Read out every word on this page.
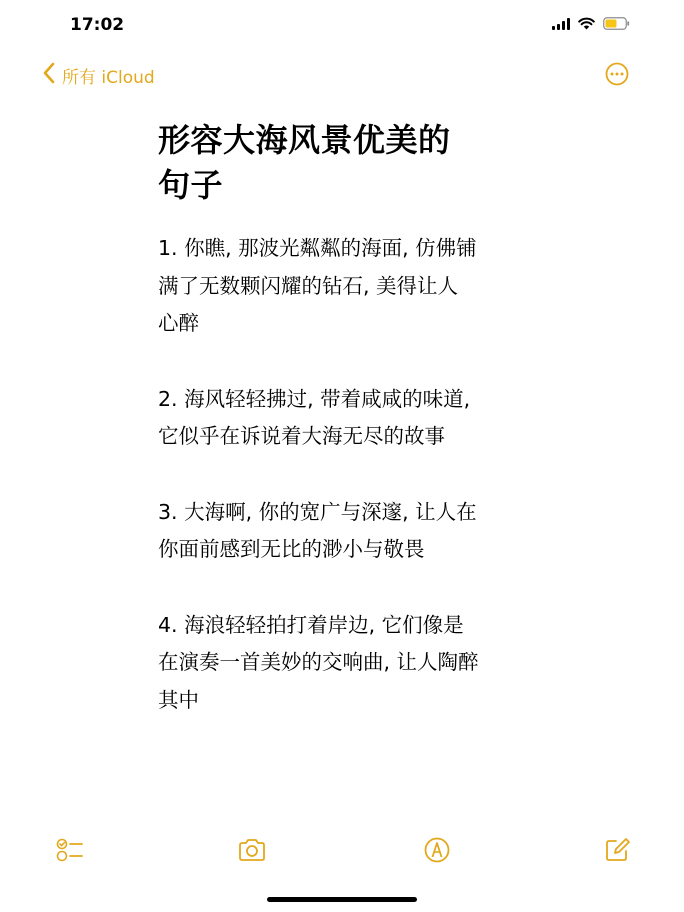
17:02
所有 iCloud
形容大海风景优美的
句子

1. 你瞧, 那波光粼粼的海面, 仿佛铺
满了无数颗闪耀的钻石, 美得让人
心醉

2. 海风轻轻拂过, 带着咸咸的味道,
它似乎在诉说着大海无尽的故事

3. 大海啊, 你的宽广与深邃, 让人在
你面前感到无比的渺小与敬畏

4. 海浪轻轻拍打着岸边, 它们像是
在演奏一首美妙的交响曲, 让人陶醉
其中
